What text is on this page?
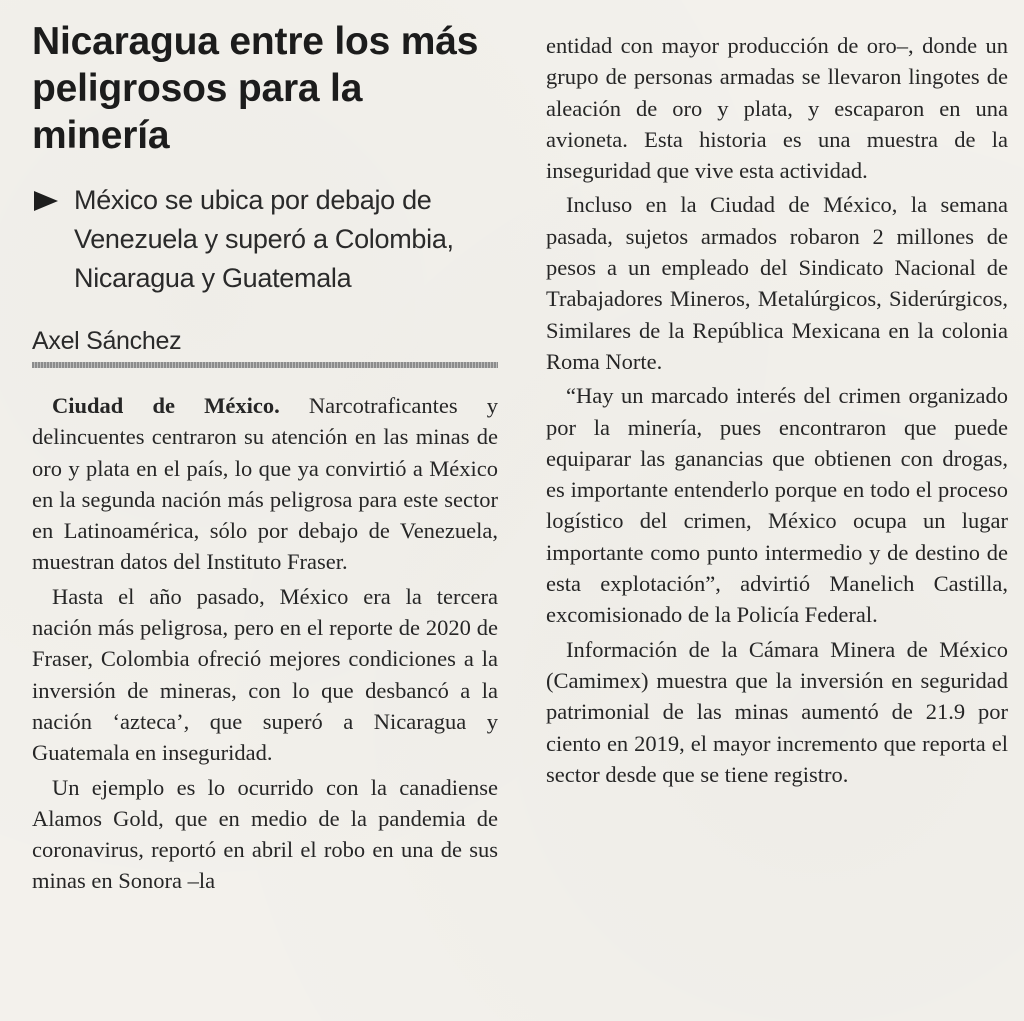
Nicaragua entre los más peligrosos para la minería
México se ubica por debajo de Venezuela y superó a Colombia, Nicaragua y Guatemala
Axel Sánchez

Ciudad de México. Narcotraficantes y delincuentes centraron su atención en las minas de oro y plata en el país, lo que ya convirtió a México en la segunda nación más peligrosa para este sector en Latinoamérica, sólo por debajo de Venezuela, muestran datos del Instituto Fraser.

Hasta el año pasado, México era la tercera nación más peligrosa, pero en el reporte de 2020 de Fraser, Colombia ofreció mejores condiciones a la inversión de mineras, con lo que desbancó a la nación ‘azteca’, que superó a Nicaragua y Guatemala en inseguridad.

Un ejemplo es lo ocurrido con la canadiense Alamos Gold, que en medio de la pandemia de coronavirus, reportó en abril el robo en una de sus minas en Sonora –la

entidad con mayor producción de oro–, donde un grupo de personas armadas se llevaron lingotes de aleación de oro y plata, y escaparon en una avioneta. Esta historia es una muestra de la inseguridad que vive esta actividad.

Incluso en la Ciudad de México, la semana pasada, sujetos armados robaron 2 millones de pesos a un empleado del Sindicato Nacional de Trabajadores Mineros, Metalúrgicos, Siderúrgicos, Similares de la República Mexicana en la colonia Roma Norte.

“Hay un marcado interés del crimen organizado por la minería, pues encontraron que puede equiparar las ganancias que obtienen con drogas, es importante entenderlo porque en todo el proceso logístico del crimen, México ocupa un lugar importante como punto intermedio y de destino de esta explotación”, advirtió Manelich Castilla, excomisionado de la Policía Federal.

Información de la Cámara Minera de México (Camimex) muestra que la inversión en seguridad patrimonial de las minas aumentó de 21.9 por ciento en 2019, el mayor incremento que reporta el sector desde que se tiene registro.
